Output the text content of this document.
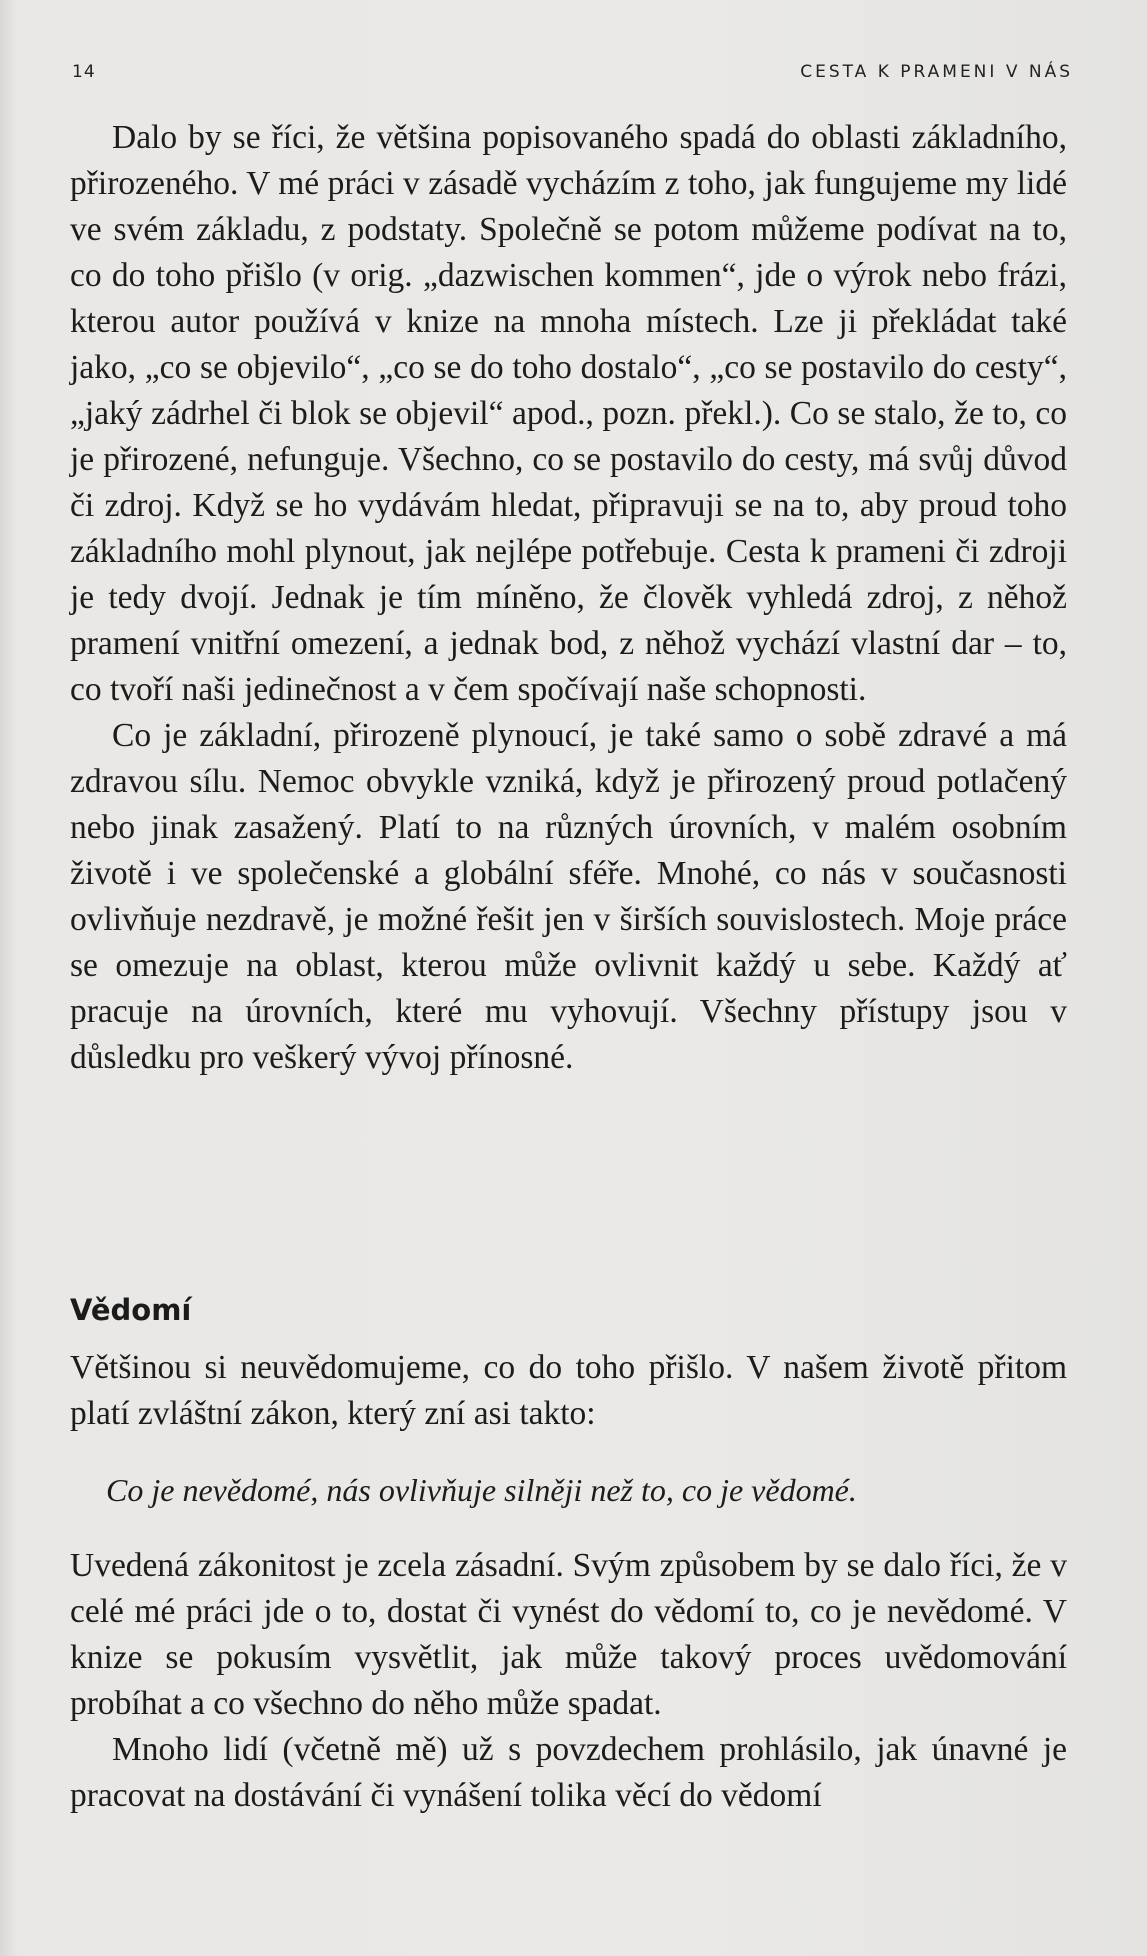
14	CESTA K PRAMENI V NÁS

Dalo by se říci, že většina popisovaného spadá do oblasti základního, přirozeného. V mé práci v zásadě vycházím z toho, jak fungujeme my lidé ve svém základu, z podstaty. Společně se potom můžeme podívat na to, co do toho přišlo (v orig. „dazwischen kommen“, jde o výrok nebo frázi, kterou autor používá v knize na mnoha místech. Lze ji překládat také jako, „co se objevilo“, „co se do toho dostalo“, „co se postavilo do cesty“, „jaký zádrhel či blok se objevil“ apod., pozn. překl.). Co se stalo, že to, co je přirozené, nefunguje. Všechno, co se postavilo do cesty, má svůj důvod či zdroj. Když se ho vydávám hledat, připravuji se na to, aby proud toho základního mohl plynout, jak nejlépe potřebuje. Cesta k prameni či zdroji je tedy dvojí. Jednak je tím míněno, že člověk vyhledá zdroj, z něhož pramení vnitřní omezení, a jednak bod, z něhož vychází vlastní dar – to, co tvoří naši jedinečnost a v čem spočívají naše schopnosti.

Co je základní, přirozeně plynoucí, je také samo o sobě zdravé a má zdravou sílu. Nemoc obvykle vzniká, když je přirozený proud potlačený nebo jinak zasažený. Platí to na různých úrovních, v malém osobním životě i ve společenské a globální sféře. Mnohé, co nás v současnosti ovlivňuje nezdravě, je možné řešit jen v širších souvislostech. Moje práce se omezuje na oblast, kterou může ovlivnit každý u sebe. Každý ať pracuje na úrovních, které mu vyhovují. Všechny přístupy jsou v důsledku pro veškerý vývoj přínosné.

Vědomí

Většinou si neuvědomujeme, co do toho přišlo. V našem životě přitom platí zvláštní zákon, který zní asi takto:

Co je nevědomé, nás ovlivňuje silněji než to, co je vědomé.

Uvedená zákonitost je zcela zásadní. Svým způsobem by se dalo říci, že v celé mé práci jde o to, dostat či vynést do vědomí to, co je nevědomé. V knize se pokusím vysvětlit, jak může takový proces uvědomování probíhat a co všechno do něho může spadat.

Mnoho lidí (včetně mě) už s povzdechem prohlásilo, jak únavné je pracovat na dostávání či vynášení tolika věcí do vědomí
